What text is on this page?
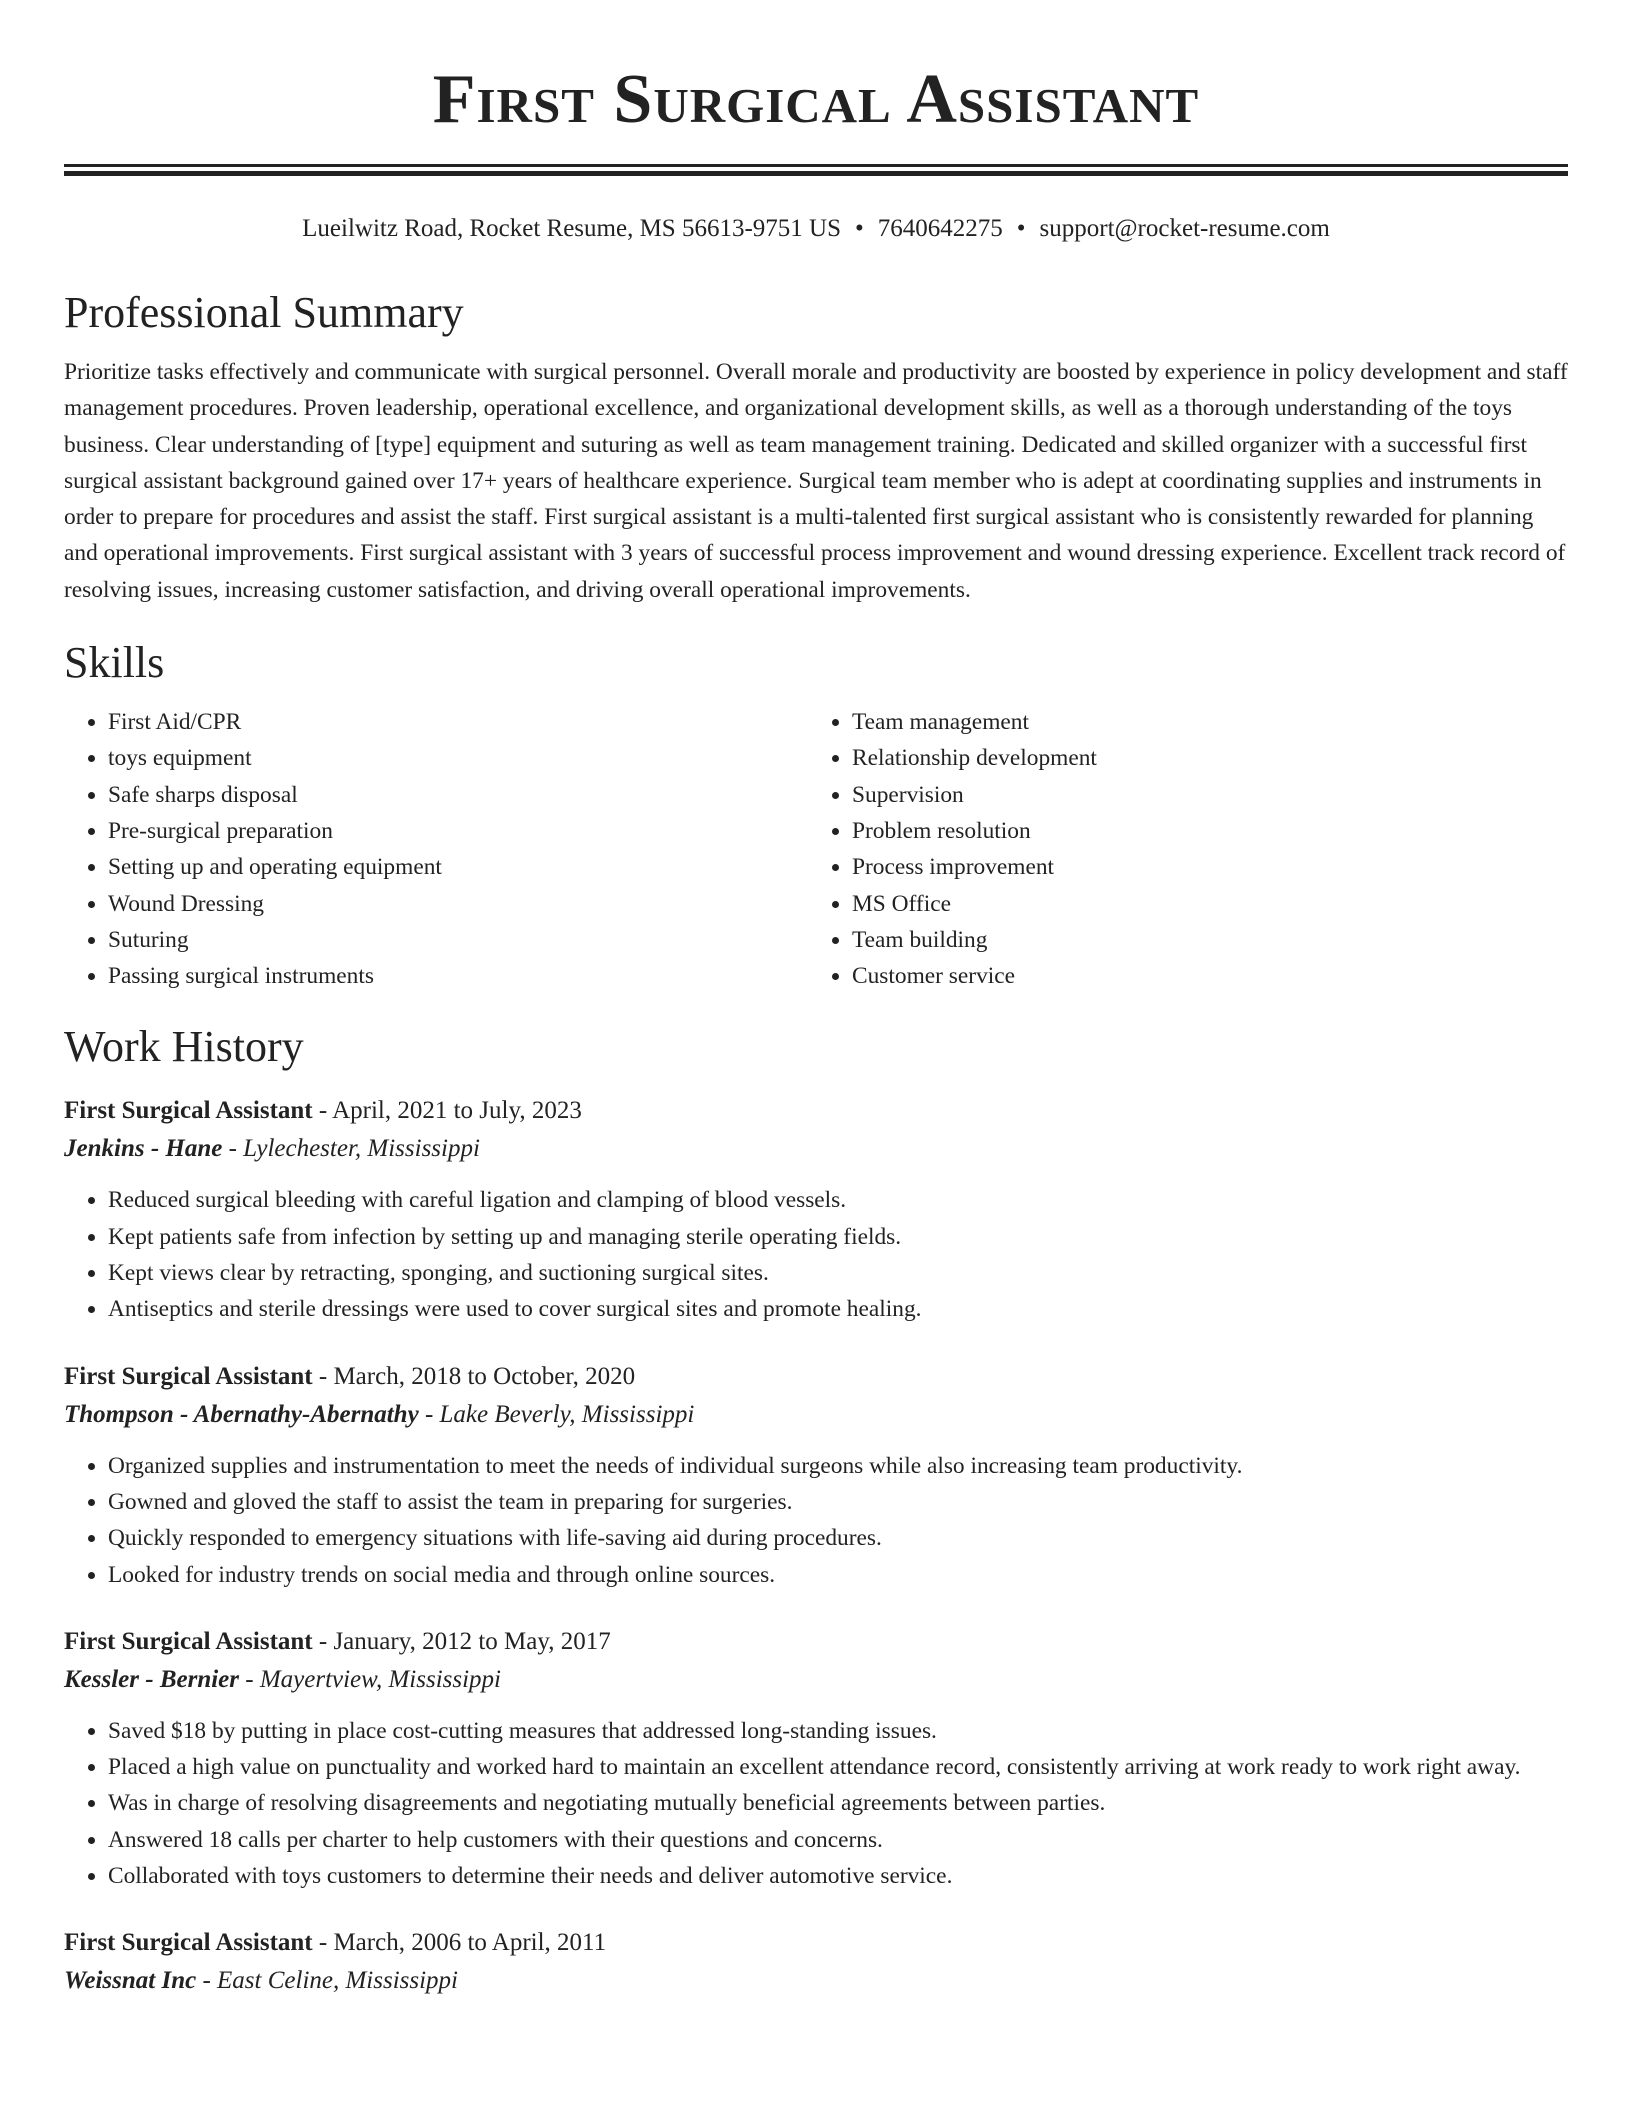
First Surgical Assistant
Lueilwitz Road, Rocket Resume, MS 56613-9751 US • 7640642275 • support@rocket-resume.com
Professional Summary

Prioritize tasks effectively and communicate with surgical personnel. Overall morale and productivity are boosted by experience in policy development and staff management procedures. Proven leadership, operational excellence, and organizational development skills, as well as a thorough understanding of the toys business. Clear understanding of [type] equipment and suturing as well as team management training. Dedicated and skilled organizer with a successful first surgical assistant background gained over 17+ years of healthcare experience. Surgical team member who is adept at coordinating supplies and instruments in order to prepare for procedures and assist the staff. First surgical assistant is a multi-talented first surgical assistant who is consistently rewarded for planning and operational improvements. First surgical assistant with 3 years of successful process improvement and wound dressing experience. Excellent track record of resolving issues, increasing customer satisfaction, and driving overall operational improvements.

Skills
• First Aid/CPR
• toys equipment
• Safe sharps disposal
• Pre-surgical preparation
• Setting up and operating equipment
• Wound Dressing
• Suturing
• Passing surgical instruments
• Team management
• Relationship development
• Supervision
• Problem resolution
• Process improvement
• MS Office
• Team building
• Customer service
Work History
First Surgical Assistant - April, 2021 to July, 2023
Jenkins - Hane - Lylechester, Mississippi
• Reduced surgical bleeding with careful ligation and clamping of blood vessels.
• Kept patients safe from infection by setting up and managing sterile operating fields.
• Kept views clear by retracting, sponging, and suctioning surgical sites.
• Antiseptics and sterile dressings were used to cover surgical sites and promote healing.
First Surgical Assistant - March, 2018 to October, 2020
Thompson - Abernathy-Abernathy - Lake Beverly, Mississippi
• Organized supplies and instrumentation to meet the needs of individual surgeons while also increasing team productivity.
• Gowned and gloved the staff to assist the team in preparing for surgeries.
• Quickly responded to emergency situations with life-saving aid during procedures.
• Looked for industry trends on social media and through online sources.
First Surgical Assistant - January, 2012 to May, 2017
Kessler - Bernier - Mayertview, Mississippi
• Saved $18 by putting in place cost-cutting measures that addressed long-standing issues.
• Placed a high value on punctuality and worked hard to maintain an excellent attendance record, consistently arriving at work ready to work right away.
• Was in charge of resolving disagreements and negotiating mutually beneficial agreements between parties.
• Answered 18 calls per charter to help customers with their questions and concerns.
• Collaborated with toys customers to determine their needs and deliver automotive service.
First Surgical Assistant - March, 2006 to April, 2011
Weissnat Inc - East Celine, Mississippi
